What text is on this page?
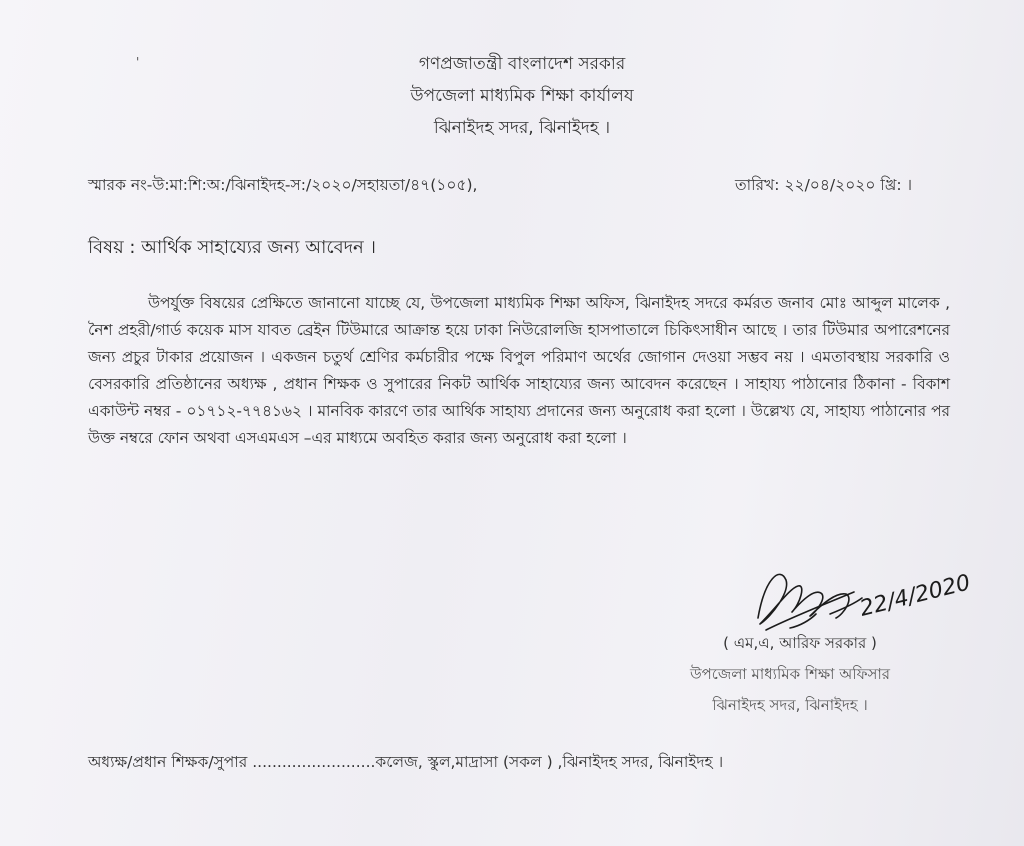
'	গণপ্রজাতন্ত্রী বাংলাদেশ সরকার
উপজেলা মাধ্যমিক শিক্ষা কার্যালয
ঝিনাইদহ সদর, ঝিনাইদহ ।
স্মারক নং-উ:মা:শি:অ:/ঝিনাইদহ-স:/২০২০/সহায়তা/৪৭(১০৫),	তারিখ: ২২/০৪/২০২০ খ্রি: ।
বিষয় : আর্থিক সাহায্যের জন্য আবেদন ।
উপর্যুক্ত বিষয়ের প্রেক্ষিতে জানানো যাচ্ছে যে, উপজেলা মাধ্যমিক শিক্ষা অফিস, ঝিনাইদহ সদরে কর্মরত জনাব মোঃ আব্দুল মালেক , নৈশ প্রহরী/গার্ড কয়েক মাস যাবত ব্রেইন টিউমারে আক্রান্ত হয়ে ঢাকা নিউরোলজি হাসপাতালে চিকিৎসাধীন আছে । তার টিউমার অপারেশনের জন্য প্রচুর টাকার প্রয়োজন । একজন চতুর্থ শ্রেণির কর্মচারীর পক্ষে বিপুল পরিমাণ অর্থের জোগান দেওয়া সম্ভব নয় । এমতাবস্থায় সরকারি ও বেসরকারি প্রতিষ্ঠানের অধ্যক্ষ , প্রধান শিক্ষক ও সুপারের নিকট আর্থিক সাহায্যের জন্য আবেদন করেছেন । সাহায্য পাঠানোর ঠিকানা - বিকাশ একাউন্ট নম্বর - ০১৭১২-৭৭৪১৬২ । মানবিক কারণে তার আর্থিক সাহায্য প্রদানের জন্য অনুরোধ করা হলো । উল্লেখ্য যে, সাহায্য পাঠানোর পর উক্ত নম্বরে ফোন অথবা এসএমএস –এর মাধ্যমে অবহিত করার জন্য অনুরোধ করা হলো ।
22/4/2020
( এম,এ, আরিফ সরকার )
উপজেলা মাধ্যমিক শিক্ষা অফিসার
ঝিনাইদহ সদর, ঝিনাইদহ ।
অধ্যক্ষ/প্রধান শিক্ষক/সুপার .........................কলেজ, স্কুল,মাদ্রাসা (সকল ) ,ঝিনাইদহ সদর, ঝিনাইদহ ।
